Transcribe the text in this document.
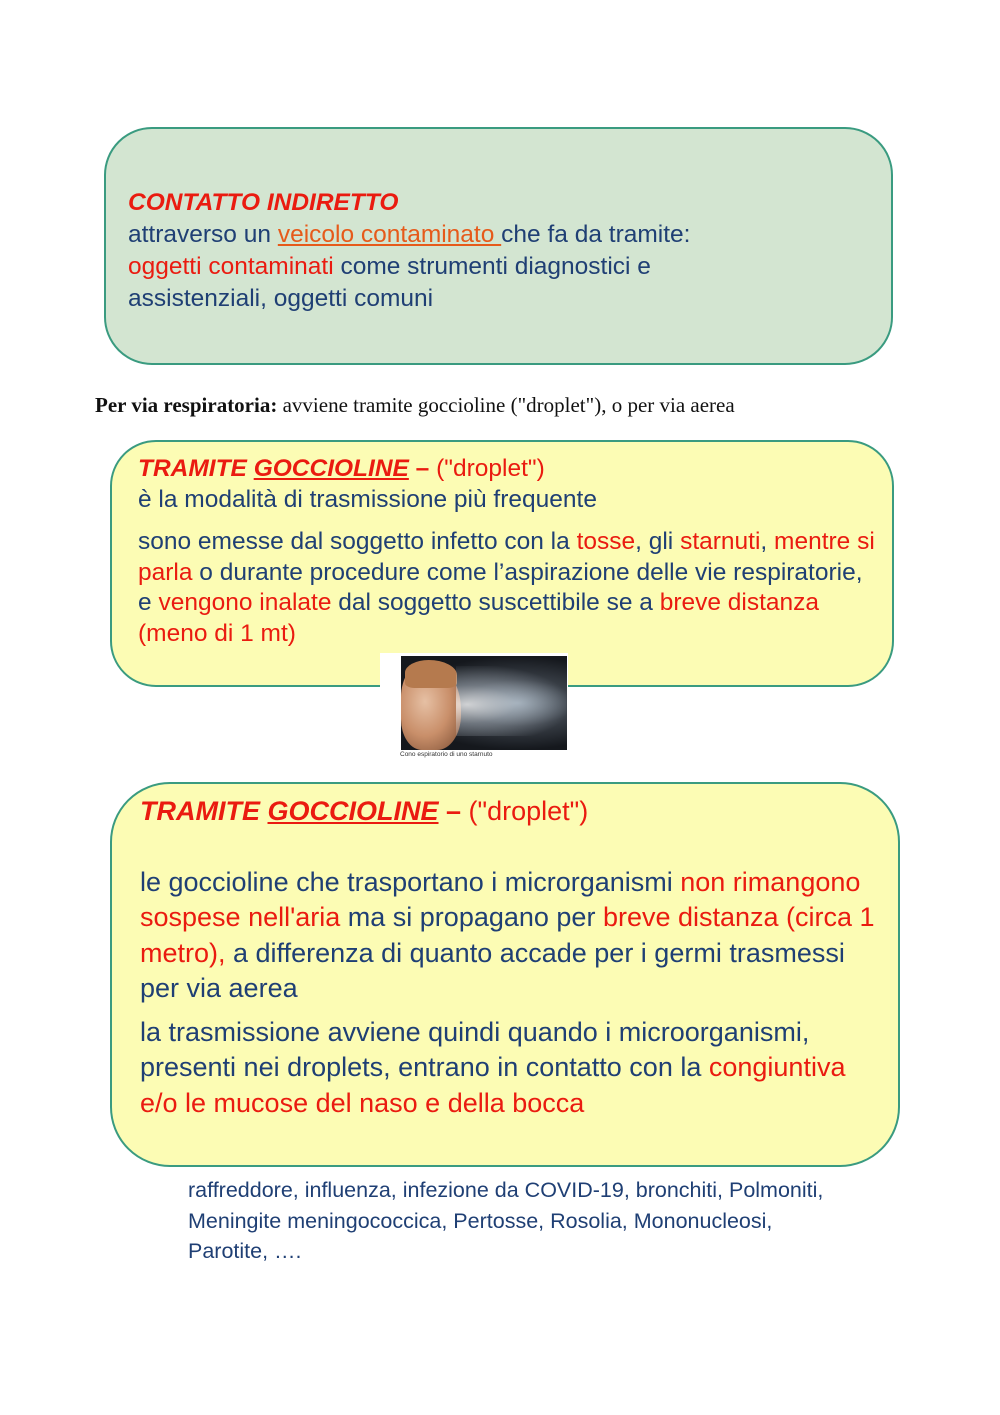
CONTATTO INDIRETTO

attraverso un veicolo contaminato che fa da tramite:

oggetti contaminati come strumenti diagnostici e

assistenziali, oggetti comuni

Per via respiratoria: avviene tramite goccioline ("droplet"), o per via aerea

TRAMITE GOCCIOLINE – ("droplet")

è la modalità di trasmissione più frequente

sono emesse dal soggetto infetto con la tosse, gli starnuti, mentre si parla o durante procedure come l’aspirazione delle vie respiratorie, e vengono inalate dal soggetto suscettibile se a breve distanza (meno di 1 mt)

Cono espiratorio di uno starnuto

TRAMITE GOCCIOLINE – ("droplet")

le goccioline che trasportano i microrganismi non rimangono sospese nell'aria ma si propagano per breve distanza (circa 1 metro), a differenza di quanto accade per i germi trasmessi per via aerea

la trasmissione avviene quindi quando i microorganismi, presenti nei droplets, entrano in contatto con la congiuntiva e/o le mucose del naso e della bocca

raffreddore, influenza, infezione da COVID-19, bronchiti, Polmoniti, Meningite meningococcica, Pertosse, Rosolia, Mononucleosi, Parotite, ….
